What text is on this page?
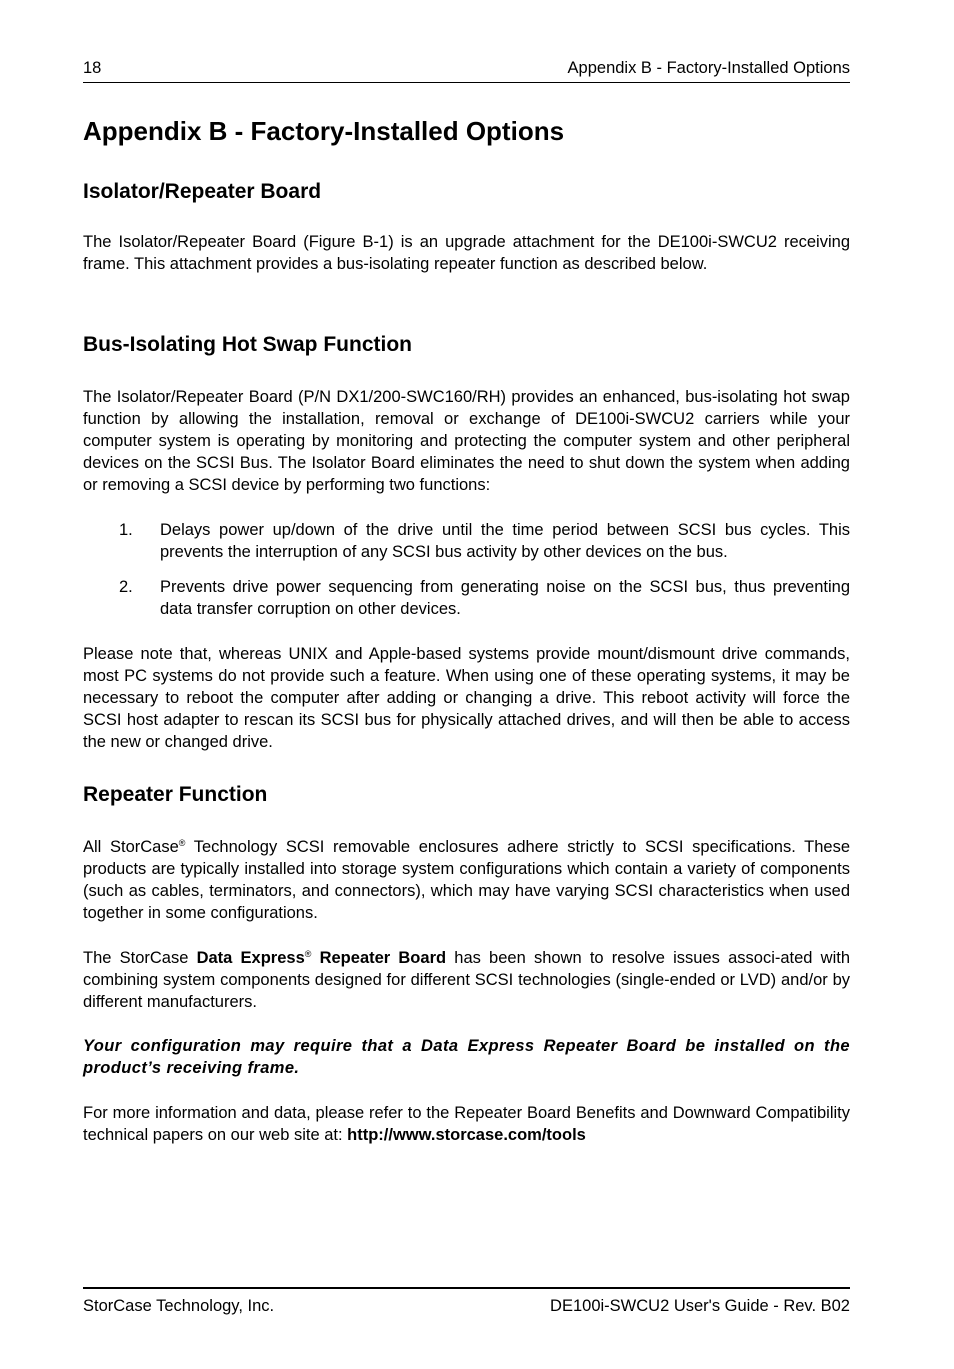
18	Appendix B - Factory-Installed Options
Appendix B - Factory-Installed Options
Isolator/Repeater Board

The Isolator/Repeater Board (Figure B-1) is an upgrade attachment for the DE100i-SWCU2 receiving frame. This attachment provides a bus-isolating repeater function as described below.

Bus-Isolating Hot Swap Function

The Isolator/Repeater Board (P/N DX1/200-SWC160/RH) provides an enhanced, bus-isolating hot swap function by allowing the installation, removal or exchange of DE100i-SWCU2 carriers while your computer system is operating by monitoring and protecting the computer system and other peripheral devices on the SCSI Bus. The Isolator Board eliminates the need to shut down the system when adding or removing a SCSI device by performing two functions:

1. Delays power up/down of the drive until the time period between SCSI bus cycles. This prevents the interruption of any SCSI bus activity by other devices on the bus.
2. Prevents drive power sequencing from generating noise on the SCSI bus, thus preventing data transfer corruption on other devices.

Please note that, whereas UNIX and Apple-based systems provide mount/dismount drive commands, most PC systems do not provide such a feature. When using one of these operating systems, it may be necessary to reboot the computer after adding or changing a drive. This reboot activity will force the SCSI host adapter to rescan its SCSI bus for physically attached drives, and will then be able to access the new or changed drive.

Repeater Function

All StorCase® Technology SCSI removable enclosures adhere strictly to SCSI specifications. These products are typically installed into storage system configurations which contain a variety of components (such as cables, terminators, and connectors), which may have varying SCSI characteristics when used together in some configurations.

The StorCase Data Express® Repeater Board has been shown to resolve issues associ-ated with combining system components designed for different SCSI technologies (single-ended or LVD) and/or by different manufacturers.

Your configuration may require that a Data Express Repeater Board be installed on the product’s receiving frame.

For more information and data, please refer to the Repeater Board Benefits and Downward Compatibility technical papers on our web site at: http://www.storcase.com/tools

StorCase Technology, Inc.	DE100i-SWCU2 User's Guide - Rev. B02
